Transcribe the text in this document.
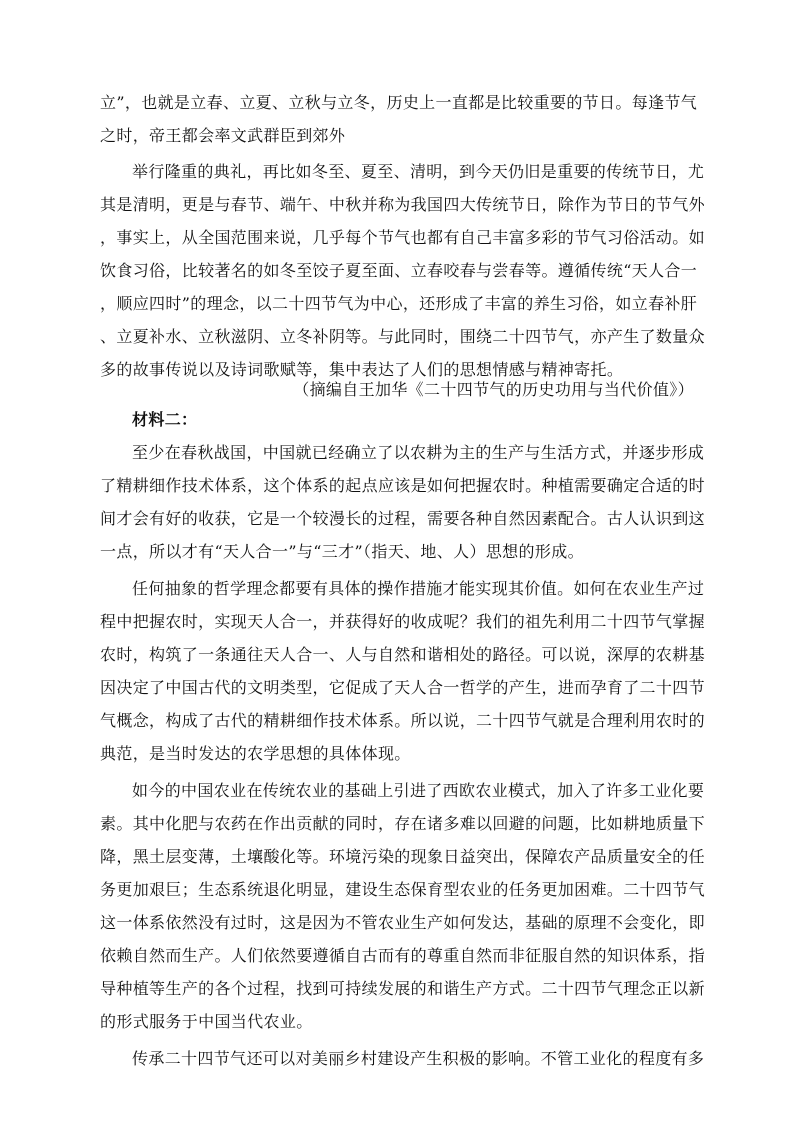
立”，也就是立春、立夏、立秋与立冬，历史上一直都是比较重要的节日。每逢节气
之时，帝王都会率文武群臣到郊外
举行隆重的典礼，再比如冬至、夏至、清明，到今天仍旧是重要的传统节日，尤
其是清明，更是与春节、端午、中秋并称为我国四大传统节日，除作为节日的节气外
，事实上，从全国范围来说，几乎每个节气也都有自己丰富多彩的节气习俗活动。如
饮食习俗，比较著名的如冬至饺子夏至面、立春咬春与尝春等。遵循传统“天人合一
，顺应四时”的理念，以二十四节气为中心，还形成了丰富的养生习俗，如立春补肝
、立夏补水、立秋滋阴、立冬补阴等。与此同时，围绕二十四节气，亦产生了数量众
多的故事传说以及诗词歌赋等，集中表达了人们的思想情感与精神寄托。
（摘编自王加华《二十四节气的历史功用与当代价值》）
材料二：
至少在春秋战国，中国就已经确立了以农耕为主的生产与生活方式，并逐步形成
了精耕细作技术体系，这个体系的起点应该是如何把握农时。种植需要确定合适的时
间才会有好的收获，它是一个较漫长的过程，需要各种自然因素配合。古人认识到这
一点，所以才有“天人合一”与“三才”（指天、地、人）思想的形成。
任何抽象的哲学理念都要有具体的操作措施才能实现其价值。如何在农业生产过
程中把握农时，实现天人合一，并获得好的收成呢？我们的祖先利用二十四节气掌握
农时，构筑了一条通往天人合一、人与自然和谐相处的路径。可以说，深厚的农耕基
因决定了中国古代的文明类型，它促成了天人合一哲学的产生，进而孕育了二十四节
气概念，构成了古代的精耕细作技术体系。所以说，二十四节气就是合理利用农时的
典范，是当时发达的农学思想的具体体现。
如今的中国农业在传统农业的基础上引进了西欧农业模式，加入了许多工业化要
素。其中化肥与农药在作出贡献的同时，存在诸多难以回避的问题，比如耕地质量下
降，黑土层变薄，土壤酸化等。环境污染的现象日益突出，保障农产品质量安全的任
务更加艰巨；生态系统退化明显，建设生态保育型农业的任务更加困难。二十四节气
这一体系依然没有过时，这是因为不管农业生产如何发达，基础的原理不会变化，即
依赖自然而生产。人们依然要遵循自古而有的尊重自然而非征服自然的知识体系，指
导种植等生产的各个过程，找到可持续发展的和谐生产方式。二十四节气理念正以新
的形式服务于中国当代农业。
传承二十四节气还可以对美丽乡村建设产生积极的影响。不管工业化的程度有多
